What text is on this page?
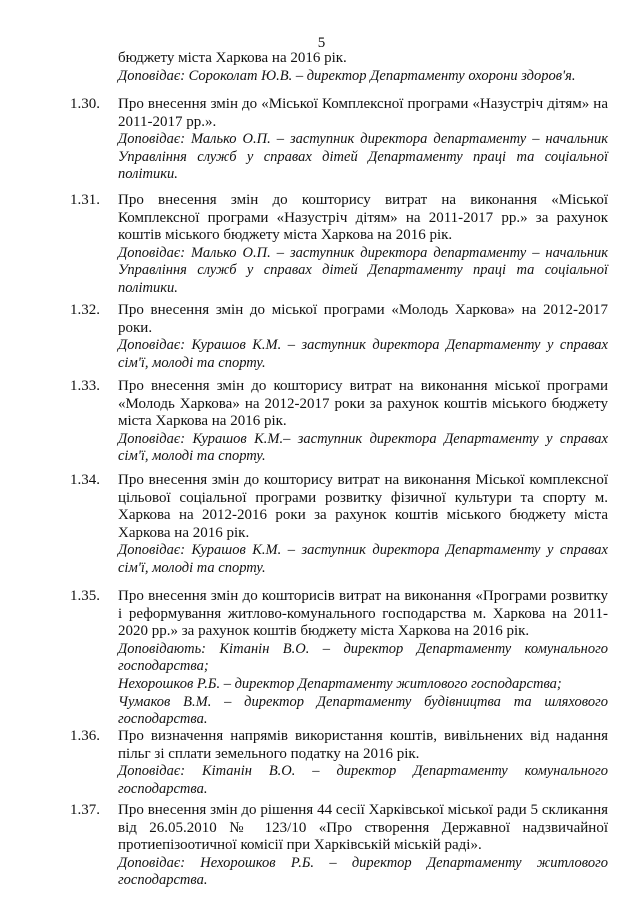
5
бюджету міста Харкова на 2016 рік.
Доповідає: Сороколат Ю.В. – директор Департаменту охорони здоров'я.
1.30. Про внесення змін до «Міської Комплексної програми «Назустріч дітям» на 2011-2017 рр.».
Доповідає: Малько О.П. – заступник директора департаменту – начальник Управління служб у справах дітей Департаменту праці та соціальної політики.
1.31. Про внесення змін до кошторису витрат на виконання «Міської Комплексної програми «Назустріч дітям» на 2011-2017 рр.» за рахунок коштів міського бюджету міста Харкова на 2016 рік.
Доповідає: Малько О.П. – заступник директора департаменту – начальник Управління служб у справах дітей Департаменту праці та соціальної політики.
1.32. Про внесення змін до міської програми «Молодь Харкова» на 2012-2017 роки.
Доповідає: Курашов К.М. – заступник директора Департаменту у справах сім'ї, молоді та спорту.
1.33. Про внесення змін до кошторису витрат на виконання міської програми «Молодь Харкова» на 2012-2017 роки за рахунок коштів міського бюджету міста Харкова на 2016 рік.
Доповідає: Курашов К.М.– заступник директора Департаменту у справах сім'ї, молоді та спорту.
1.34. Про внесення змін до кошторису витрат на виконання Міської комплексної цільової соціальної програми розвитку фізичної культури та спорту м. Харкова на 2012-2016 роки за рахунок коштів міського бюджету міста Харкова на 2016 рік.
Доповідає: Курашов К.М. – заступник директора Департаменту у справах сім'ї, молоді та спорту.
1.35. Про внесення змін до кошторисів витрат на виконання «Програми розвитку і реформування житлово-комунального господарства м. Харкова на 2011-2020 рр.» за рахунок коштів бюджету міста Харкова на 2016 рік.
Доповідають: Кітанін В.О. – директор Департаменту комунального господарства;
Нехорошков Р.Б. – директор Департаменту житлового господарства;
Чумаков В.М. – директор Департаменту будівництва та шляхового господарства.
1.36. Про визначення напрямів використання коштів, вивільнених від надання пільг зі сплати земельного податку на 2016 рік.
Доповідає: Кітанін В.О. – директор Департаменту комунального господарства.
1.37. Про внесення змін до рішення 44 сесії Харківської міської ради 5 скликання від 26.05.2010 № 123/10 «Про створення Державної надзвичайної протиепізоотичної комісії при Харківській міській раді».
Доповідає: Нехорошков Р.Б. – директор Департаменту житлового господарства.
